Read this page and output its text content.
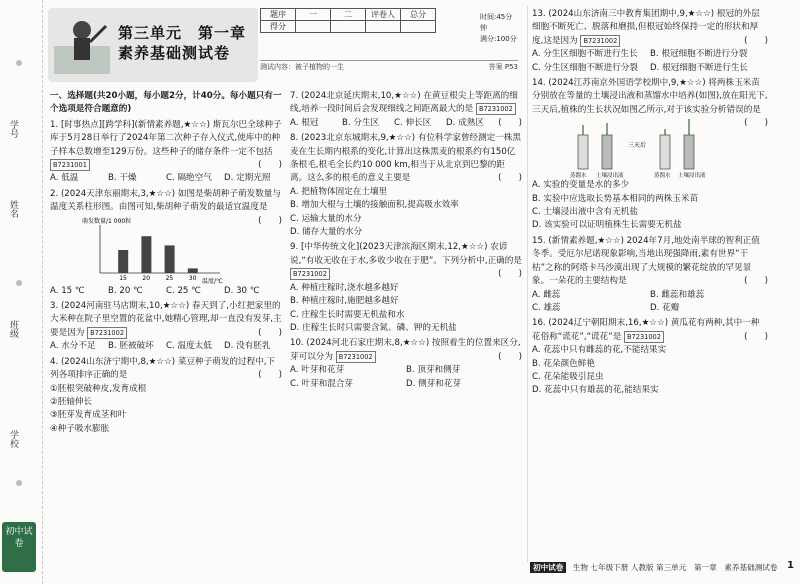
学号
姓名
班级
学校
初中试卷
第三单元　第一章
素养基础测试卷
题序	一	二	评卷人	总分
得分				
时间:45分钟
满分:100分
测试内容：被子植物的一生	答案 P53
一、选择题(共20小题，每小题2分，计40分。每小题只有一个选项是符合题意的)
1. [时事热点][跨学科](新情素养题,★☆☆) 斯瓦尔巴全球种子库于5月28日举行了2024年第二次种子存入仪式,使库中的种子样本总数增至129万份。这些种子的储存条件一定不包括 B7231001	(　　)
A. 低温	B. 干燥	C. 隔绝空气	D. 定期光照
2. (2024天津东丽期末,3,★☆☆) 如图是柴胡种子萌发数量与温度关系柱形图。由图可知,柴胡种子萌发的最适宜温度是
(　　)
萌发数量/1 000粒
15	20	25	30 温度/℃
A. 15 ℃	B. 20 ℃	C. 25 ℃	D. 30 ℃
3. (2024河南驻马店期末,10,★☆☆) 春天到了,小红把家里的大米种在院子里空置的花盆中,她精心管理,却一直没有发芽,主要是因为 B7231002	(　　)
A. 水分不足	B. 胚被破坏	C. 温度太低	D. 没有胚乳
4. (2024山东济宁期中,8,★☆☆) 菜豆种子萌发的过程中,下列各项排序正确的是	(　　)
①胚根突破种皮,发育成根
②胚轴伸长
③胚芽发育成茎和叶
④种子吸水膨胀
7. (2024北京延庆期末,10,★☆☆) 在黄豆根尖上等距离的细线,培养一段时间后会发现细线之间距离最大的是 B7231002
(　　)
A. 根冠	B. 分生区	C. 伸长区	D. 成熟区
8. (2023北京东城期末,9,★☆☆) 有位科学家曾经测定一株黑麦在生长期内根系的变化,计算出这株黑麦的根系约有150亿条根毛,根毛全长约10 000 km,相当于从北京到巴黎的距离。这么多的根毛的意义主要是	(　　)
A. 把植物体固定在土壤里
B. 增加大根与土壤的接触面积,提高吸水效率
C. 运输大量的水分
D. 储存大量的水分
9. [中华传统文化](2023天津滨海区期末,12,★☆☆) 农谚说,“有收无收在于水,多收少收在于肥”。下列分析中,正确的是 B7231002	(　　)
A. 种植庄稼时,浇水越多越好
B. 种植庄稼时,施肥越多越好
C. 庄稼生长时需要无机盐和水
D. 庄稼生长时只需要含氮、磷、钾的无机盐
10. (2024河北石家庄期末,8,★☆☆) 按照着生的位置来区分,芽可以分为 B7231002	(　　)
A. 叶芽和花芽	B. 顶芽和侧芽
C. 叶芽和混合芽	D. 侧芽和花芽
13. (2024山东济南三中教育集团期中,9,★☆☆) 根冠的外层细胞不断死亡、脱落和磨损,但根冠始终保持一定的形状和厚度,这是因为 B7231002	(　　)
A. 分生区细胞不断进行生长	B. 根冠细胞不断进行分裂
C. 分生区细胞不断进行分裂	D. 根冠细胞不断进行生长
14. (2024江苏南京外国语学校期中,9,★☆☆) 将两株玉米苗分别放在等量的土壤浸出液和蒸馏水中培养(如图),放在阳光下,三天后,植株的生长状况如图乙所示,对于该实验分析错误的是
(　　)
三天后
蒸馏水 土壤浸出液	蒸馏水 土壤浸出液
A. 实验的变量是水的多少
B. 实验中应选取长势基本相同的两株玉米苗
C. 土壤浸出液中含有无机盐
D. 该实验可以证明植株生长需要无机盐
15. (新情素养题,★☆☆) 2024年7月,地处南半球的智利正值冬季。受厄尔尼诺现象影响,当地出现强降雨,素有世界“干枯”之称的阿塔卡马沙漠出现了大规模的繁花绽放的罕见景象。一朵花的主要结构是	(　　)
A. 雌蕊	B. 雌蕊和雄蕊
C. 雄蕊	D. 花瓣
16. (2024辽宁朝阳期末,16,★☆☆) 黄瓜花有两种,其中一种花俗称“谎花”,“谎花”是 B7231002	(　　)
A. 花蕊中只有雌蕊的花,不能结果实
B. 花朵颜色鲜艳
C. 花朵能吸引昆虫
D. 花蕊中只有雄蕊的花,能结果实
初中试卷 生物 七年级下册 人教版 第三单元　第一章　素养基础测试卷 1
